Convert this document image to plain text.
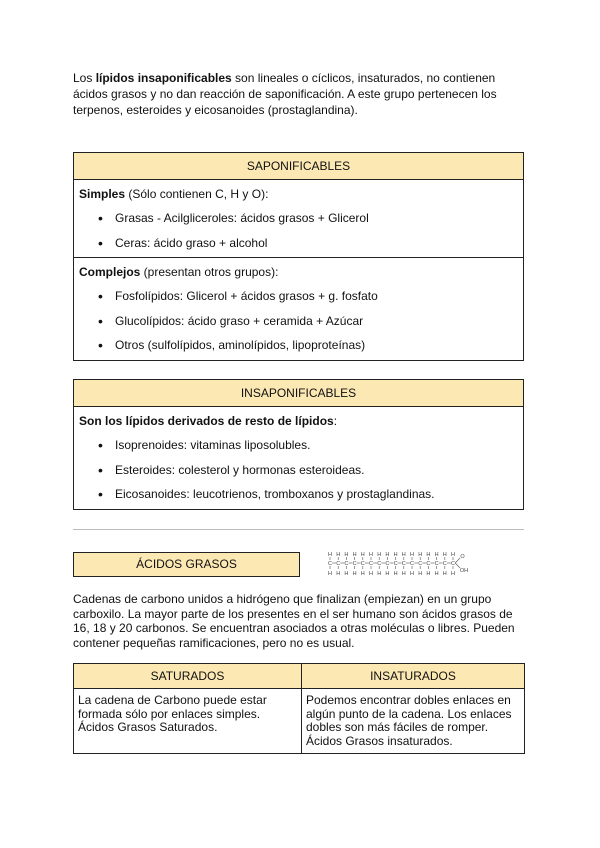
Los lípidos insaponificables son lineales o cíclicos, insaturados, no contienen ácidos grasos y no dan reacción de saponificación. A este grupo pertenecen los terpenos, esteroides y eicosanoides (prostaglandina).
SAPONIFICABLES
Simples (Sólo contienen C, H y O):
• Grasas - Acilgliceroles: ácidos grasos + Glicerol
• Ceras: ácido graso + alcohol
Complejos (presentan otros grupos):
• Fosfolípidos: Glicerol + ácidos grasos + g. fosfato
• Glucolípidos: ácido graso + ceramida + Azúcar
• Otros (sulfolípidos, aminolípidos, lipoproteínas)
INSAPONIFICABLES
Son los lípidos derivados de resto de lípidos:
• Isoprenoides: vitaminas liposolubles.
• Esteroides: colesterol y hormonas esteroideas.
• Eicosanoides: leucotrienos, tromboxanos y prostaglandinas.
ÁCIDOS GRASOS
H
C
H
H
C
H
H
C
H
H
C
H
H
C
H
H
C
H
H
C
H
H
C
H
H
C
H
H
C
H
H
C
H
H
C
H
H
C
H
H
C
H
H
C
H
H
C
H
O
OH
Cadenas de carbono unidos a hidrógeno que finalizan (empiezan) en un grupo carboxilo. La mayor parte de los presentes en el ser humano son ácidos grasos de 16, 18 y 20 carbonos. Se encuentran asociados a otras moléculas o libres. Pueden contener pequeñas ramificaciones, pero no es usual.
SATURADOS	INSATURADOS
La cadena de Carbono puede estar formada sólo por enlaces simples. Ácidos Grasos Saturados.	Podemos encontrar dobles enlaces en algún punto de la cadena. Los enlaces dobles son más fáciles de romper. Ácidos Grasos insaturados.
